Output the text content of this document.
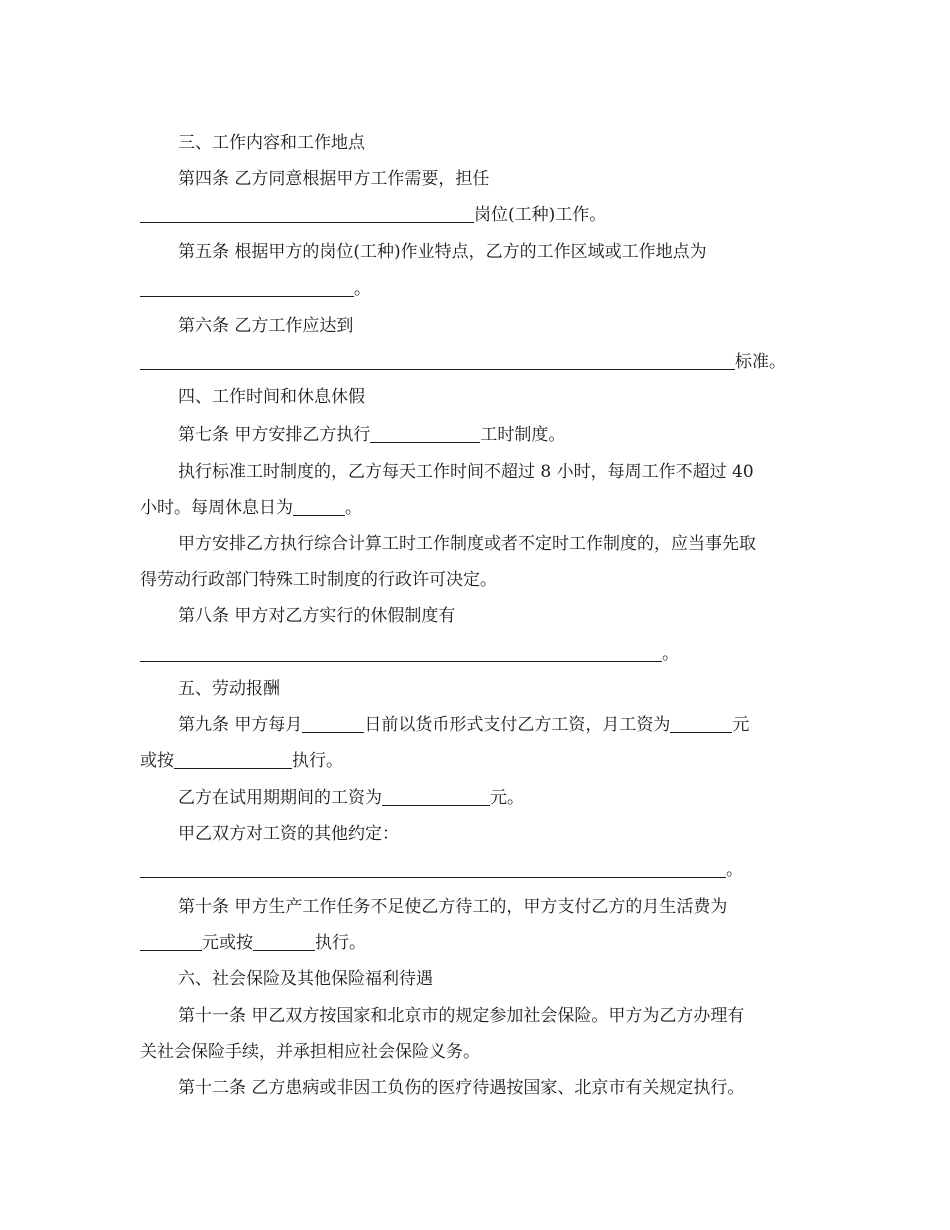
三、工作内容和工作地点
第四条 乙方同意根据甲方工作需要，担任
岗位(工种)工作。
第五条 根据甲方的岗位(工种)作业特点，乙方的工作区域或工作地点为
。
第六条 乙方工作应达到
标准。
四、工作时间和休息休假
第七条 甲方安排乙方执行	工时制度。
执行标准工时制度的，乙方每天工作时间不超过 8 小时，每周工作不超过 40
小时。每周休息日为	。
甲方安排乙方执行综合计算工时工作制度或者不定时工作制度的，应当事先取
得劳动行政部门特殊工时制度的行政许可决定。
第八条 甲方对乙方实行的休假制度有
。
五、劳动报酬
第九条 甲方每月	日前以货币形式支付乙方工资，月工资为	元
或按	执行。
乙方在试用期期间的工资为	元。
甲乙双方对工资的其他约定：
。
第十条 甲方生产工作任务不足使乙方待工的，甲方支付乙方的月生活费为
元或按	执行。
六、社会保险及其他保险福利待遇
第十一条 甲乙双方按国家和北京市的规定参加社会保险。甲方为乙方办理有
关社会保险手续，并承担相应社会保险义务。
第十二条 乙方患病或非因工负伤的医疗待遇按国家、北京市有关规定执行。
